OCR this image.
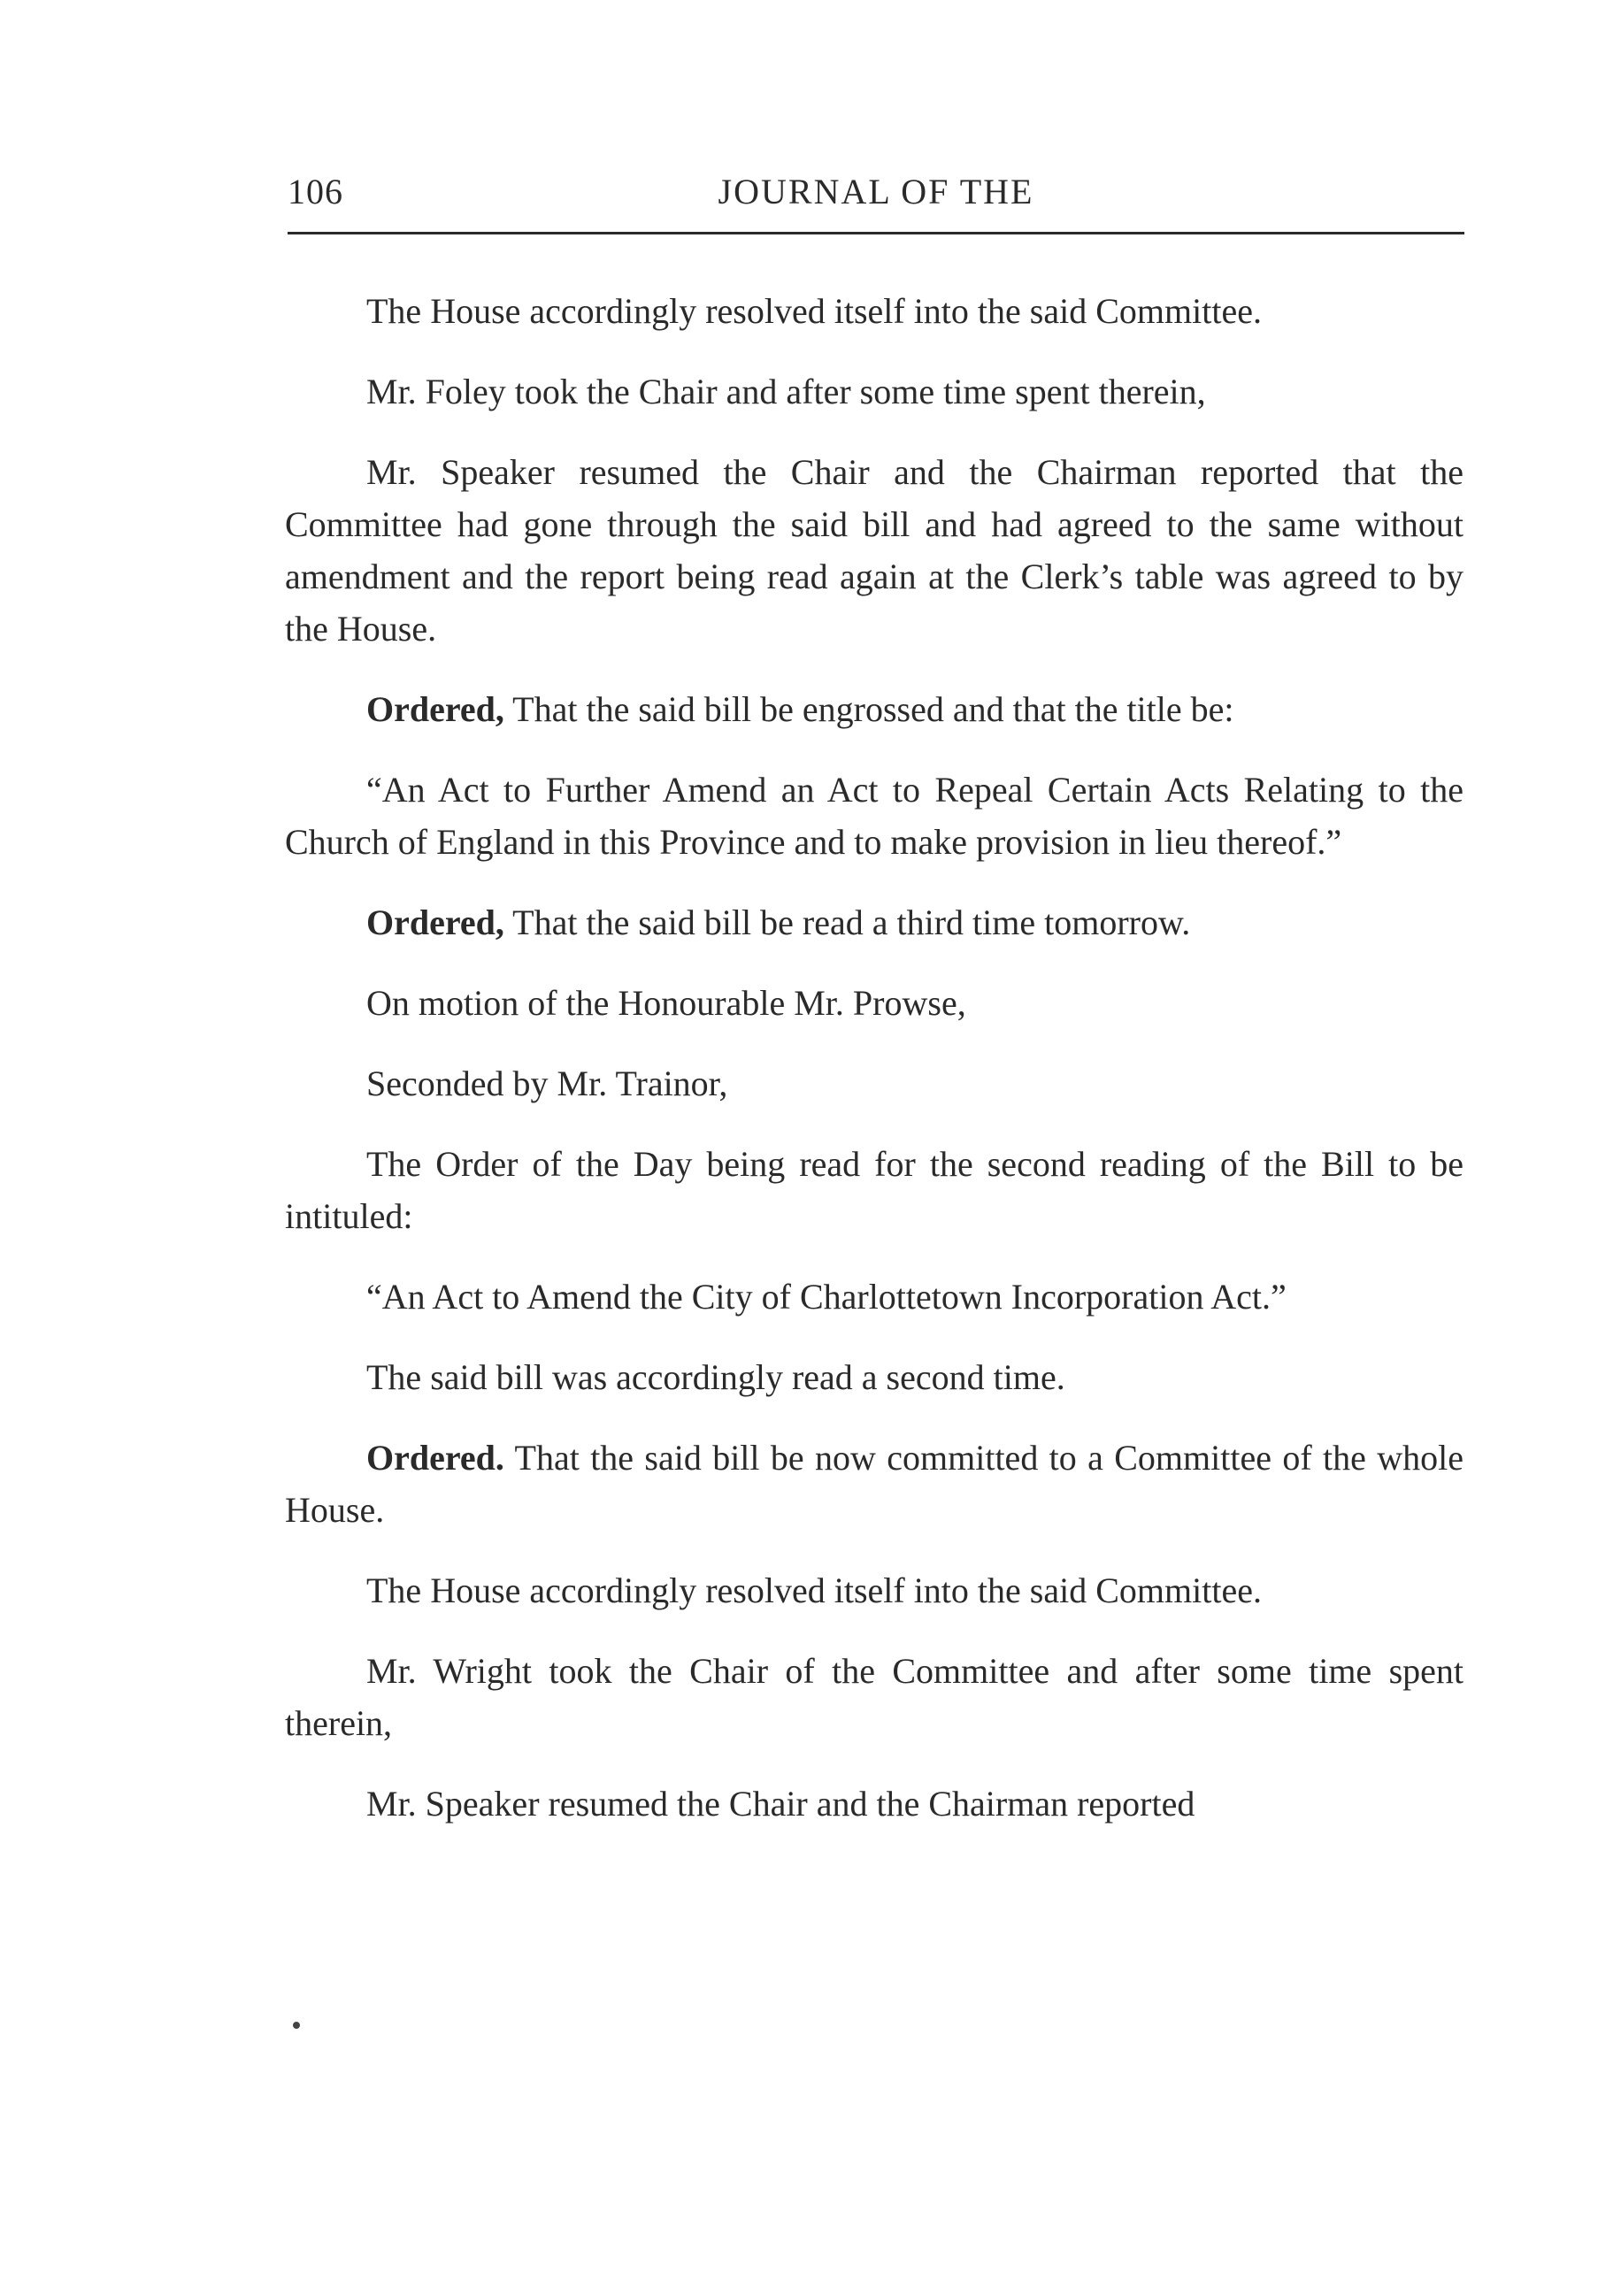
106	JOURNAL OF THE

The House accordingly resolved itself into the said Committee.

Mr. Foley took the Chair and after some time spent therein,

Mr. Speaker resumed the Chair and the Chairman reported that the Committee had gone through the said bill and had agreed to the same without amendment and the report being read again at the Clerk’s table was agreed to by the House.

Ordered, That the said bill be engrossed and that the title be:

“An Act to Further Amend an Act to Repeal Certain Acts Relating to the Church of England in this Province and to make provision in lieu thereof.”

Ordered, That the said bill be read a third time tomorrow.

On motion of the Honourable Mr. Prowse,

Seconded by Mr. Trainor,

The Order of the Day being read for the second reading of the Bill to be intituled:

“An Act to Amend the City of Charlottetown Incorporation Act.”

The said bill was accordingly read a second time.

Ordered. That the said bill be now committed to a Committee of the whole House.

The House accordingly resolved itself into the said Committee.

Mr. Wright took the Chair of the Committee and after some time spent therein,

Mr. Speaker resumed the Chair and the Chairman reported
